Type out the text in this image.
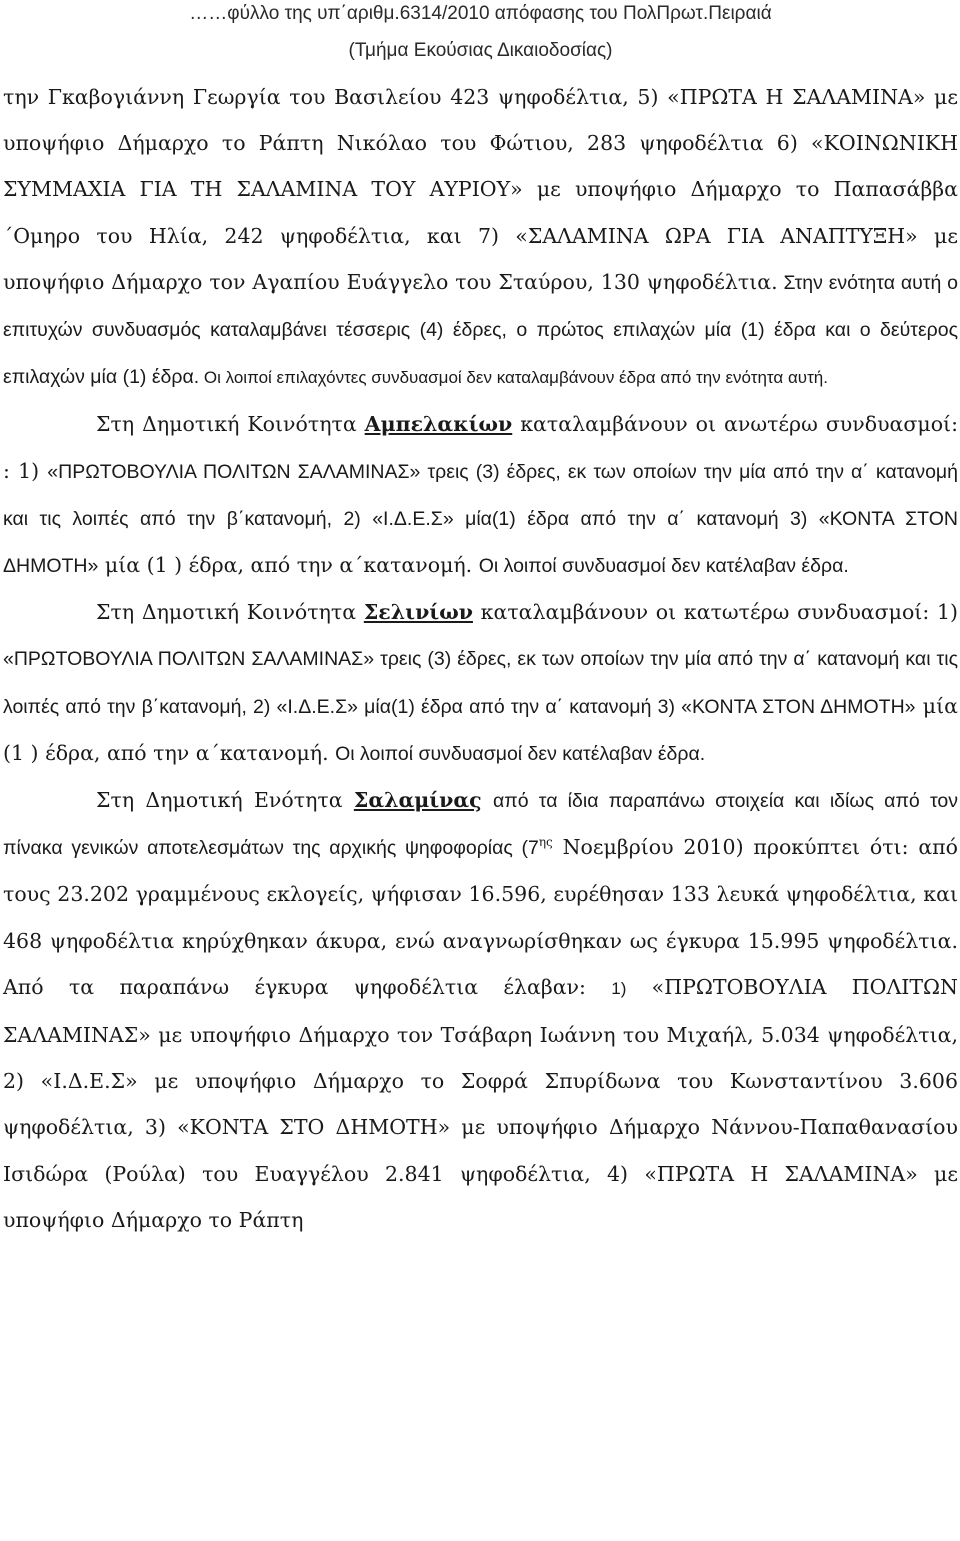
……φύλλο της υπ΄αριθμ.6314/2010 απόφασης του ΠολΠρωτ.Πειραιά
(Τμήμα Εκούσιας Δικαιοδοσίας)

την Γκαβογιάννη Γεωργία του Βασιλείου 423 ψηφοδέλτια, 5) «ΠΡΩΤΑ Η ΣΑΛΑΜΙΝΑ» με υποψήφιο Δήμαρχο το Ράπτη Νικόλαο του Φώτιου, 283 ψηφοδέλτια 6) «ΚΟΙΝΩΝΙΚΗ ΣΥΜΜΑΧΙΑ ΓΙΑ ΤΗ ΣΑΛΑΜΙΝΑ ΤΟΥ ΑΥΡΙΟΥ» με υποψήφιο Δήμαρχο το Παπασάββα ΄Ομηρο του Ηλία, 242 ψηφοδέλτια, και 7) «ΣΑΛΑΜΙΝΑ ΩΡΑ ΓΙΑ ΑΝΑΠΤΥΞΗ» με υποψήφιο Δήμαρχο τον Αγαπίου Ευάγγελο του Σταύρου, 130 ψηφοδέλτια. Στην ενότητα αυτή ο επιτυχών συνδυασμός καταλαμβάνει τέσσερις (4) έδρες, ο πρώτος επιλαχών μία (1) έδρα και ο δεύτερος επιλαχών μία (1) έδρα. Οι λοιποί επιλαχόντες συνδυασμοί δεν καταλαμβάνουν έδρα από την ενότητα αυτή.

Στη Δημοτική Κοινότητα Αμπελακίων καταλαμβάνουν οι ανωτέρω συνδυασμοί: : 1) «ΠΡΩΤΟΒΟΥΛΙΑ ΠΟΛΙΤΩΝ ΣΑΛΑΜΙΝΑΣ» τρεις (3) έδρες, εκ των οποίων την μία από την α΄ κατανομή και τις λοιπές από την β΄κατανομή, 2) «Ι.Δ.Ε.Σ» μία(1) έδρα από την α΄ κατανομή 3) «ΚΟΝΤΑ ΣΤΟΝ ΔΗΜΟΤΗ» μία (1 ) έδρα, από την α΄κατανομή. Οι λοιποί συνδυασμοί δεν κατέλαβαν έδρα.

Στη Δημοτική Κοινότητα Σελινίων καταλαμβάνουν οι κατωτέρω συνδυασμοί: 1) «ΠΡΩΤΟΒΟΥΛΙΑ ΠΟΛΙΤΩΝ ΣΑΛΑΜΙΝΑΣ» τρεις (3) έδρες, εκ των οποίων την μία από την α΄ κατανομή και τις λοιπές από την β΄κατανομή, 2) «Ι.Δ.Ε.Σ» μία(1) έδρα από την α΄ κατανομή 3) «ΚΟΝΤΑ ΣΤΟΝ ΔΗΜΟΤΗ» μία (1 ) έδρα, από την α΄κατανομή. Οι λοιποί συνδυασμοί δεν κατέλαβαν έδρα.

Στη Δημοτική Ενότητα Σαλαμίνας από τα ίδια παραπάνω στοιχεία και ιδίως από τον πίνακα γενικών αποτελεσμάτων της αρχικής ψηφοφορίας ($7^{\eta\varsigma}$ Νοεμβρίου 2010) προκύπτει ότι: από τους 23.202 γραμμένους εκλογείς, ψήφισαν 16.596, ευρέθησαν 133 λευκά ψηφοδέλτια, και 468 ψηφοδέλτια κηρύχθηκαν άκυρα, ενώ αναγνωρίσθηκαν ως έγκυρα 15.995 ψηφοδέλτια. Από τα παραπάνω έγκυρα ψηφοδέλτια έλαβαν: 1) «ΠΡΩΤΟΒΟΥΛΙΑ ΠΟΛΙΤΩΝ ΣΑΛΑΜΙΝΑΣ» με υποψήφιο Δήμαρχο τον Τσάβαρη Ιωάννη του Μιχαήλ, 5.034 ψηφοδέλτια, 2) «Ι.Δ.Ε.Σ» με υποψήφιο Δήμαρχο το Σοφρά Σπυρίδωνα του Κωνσταντίνου 3.606 ψηφοδέλτια, 3) «ΚΟΝΤΑ ΣΤΟ ΔΗΜΟΤΗ» με υποψήφιο Δήμαρχο Νάννου-Παπαθανασίου Ισιδώρα (Ρούλα) του Ευαγγέλου 2.841 ψηφοδέλτια, 4) «ΠΡΩΤΑ Η ΣΑΛΑΜΙΝΑ» με υποψήφιο Δήμαρχο το Ράπτη
